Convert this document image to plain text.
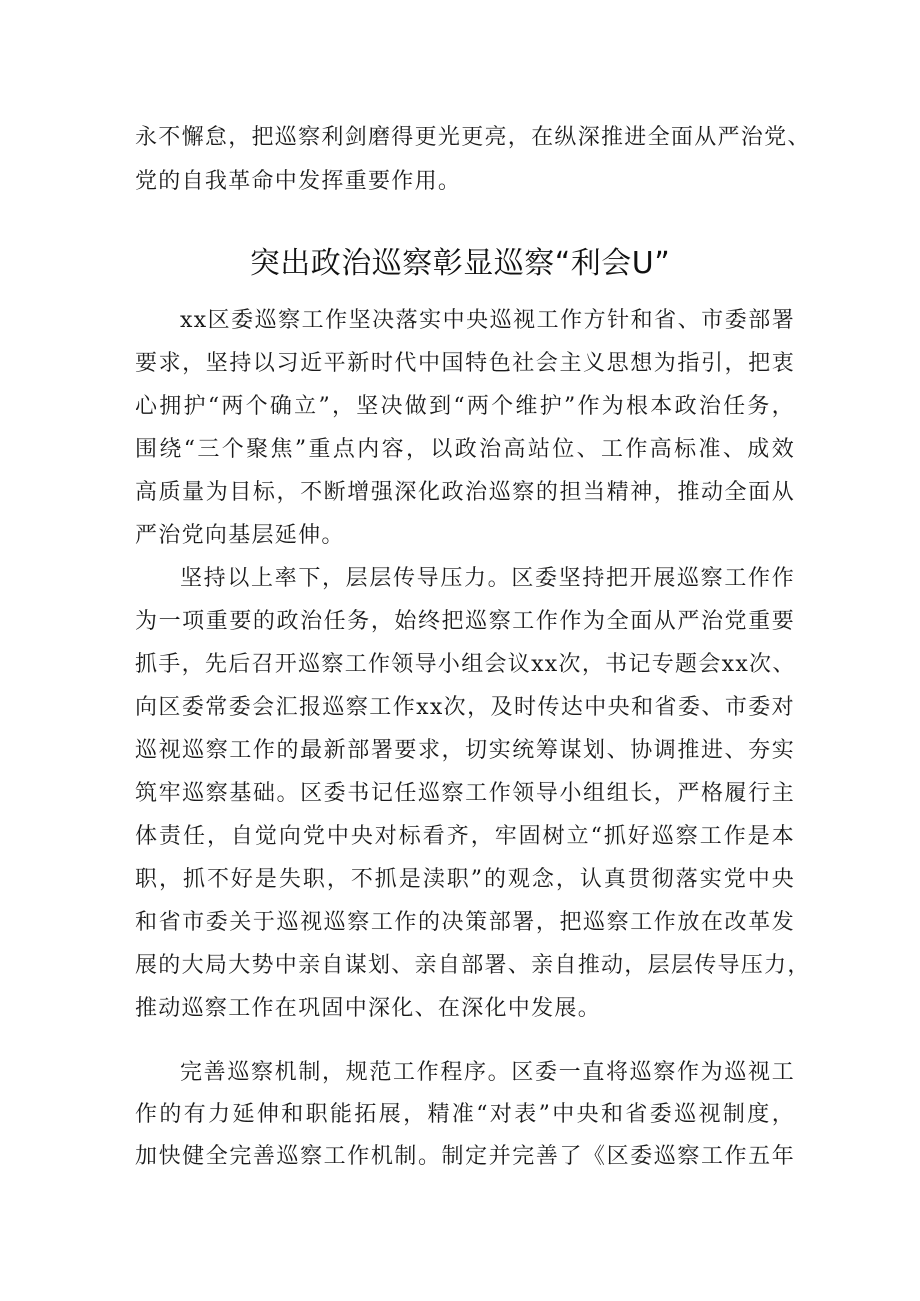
永不懈怠，把巡察利剑磨得更光更亮，在纵深推进全面从严治党、
党的自我革命中发挥重要作用。
突出政治巡察彰显巡察“利会U”
xx区委巡察工作坚决落实中央巡视工作方针和省、市委部署
要求，坚持以习近平新时代中国特色社会主义思想为指引，把衷
心拥护“两个确立”，坚决做到“两个维护”作为根本政治任务，
围绕“三个聚焦”重点内容，以政治高站位、工作高标准、成效
高质量为目标，不断增强深化政治巡察的担当精神，推动全面从
严治党向基层延伸。
坚持以上率下，层层传导压力。区委坚持把开展巡察工作作
为一项重要的政治任务，始终把巡察工作作为全面从严治党重要
抓手，先后召开巡察工作领导小组会议xx次，书记专题会xx次、
向区委常委会汇报巡察工作xx次，及时传达中央和省委、市委对
巡视巡察工作的最新部署要求，切实统筹谋划、协调推进、夯实
筑牢巡察基础。区委书记任巡察工作领导小组组长，严格履行主
体责任，自觉向党中央对标看齐，牢固树立“抓好巡察工作是本
职，抓不好是失职，不抓是渎职”的观念，认真贯彻落实党中央
和省市委关于巡视巡察工作的决策部署，把巡察工作放在改革发
展的大局大势中亲自谋划、亲自部署、亲自推动，层层传导压力，
推动巡察工作在巩固中深化、在深化中发展。
完善巡察机制，规范工作程序。区委一直将巡察作为巡视工
作的有力延伸和职能拓展，精准“对表”中央和省委巡视制度，
加快健全完善巡察工作机制。制定并完善了《区委巡察工作五年
